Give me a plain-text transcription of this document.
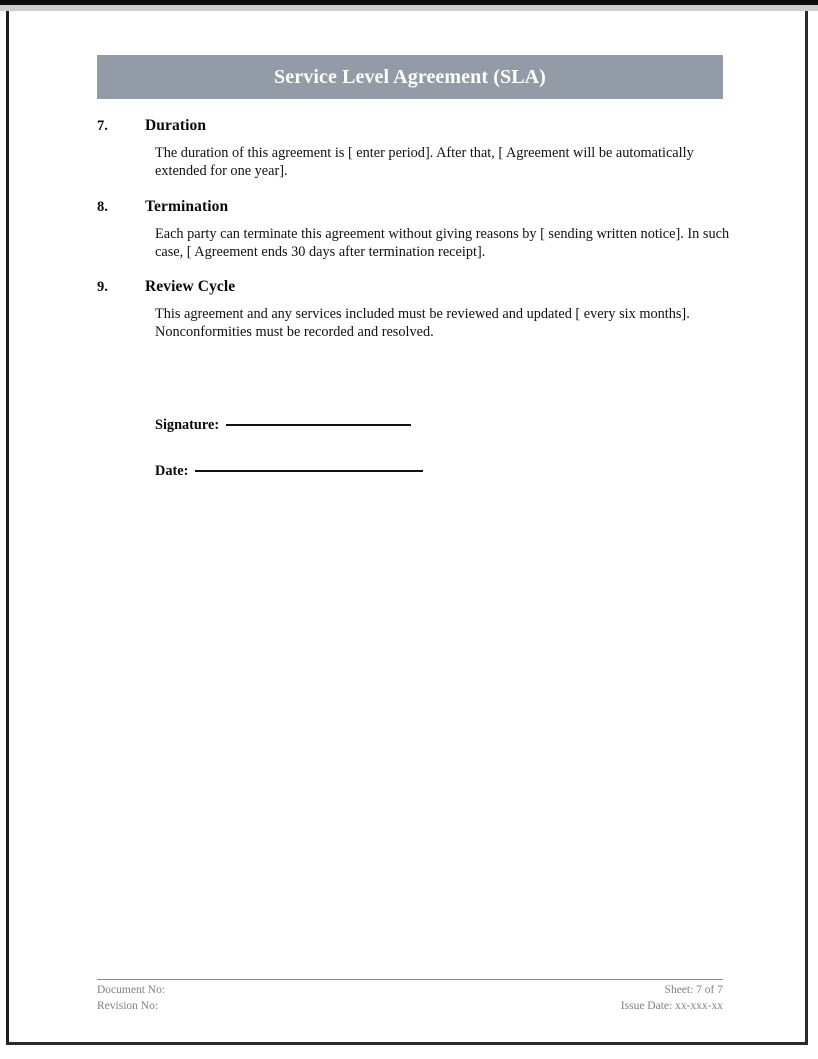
Service Level Agreement (SLA)
7.	Duration
The duration of this agreement is [ enter period]. After that, [ Agreement will be automatically extended for one year].
8.	Termination
Each party can terminate this agreement without giving reasons by [ sending written notice]. In such case, [ Agreement ends 30 days after termination receipt].
9.	Review Cycle
This agreement and any services included must be reviewed and updated [ every six months]. Nonconformities must be recorded and resolved.
Signature:
Date:
Document No:
Revision No:
Sheet: 7 of 7
Issue Date: xx-xxx-xx
